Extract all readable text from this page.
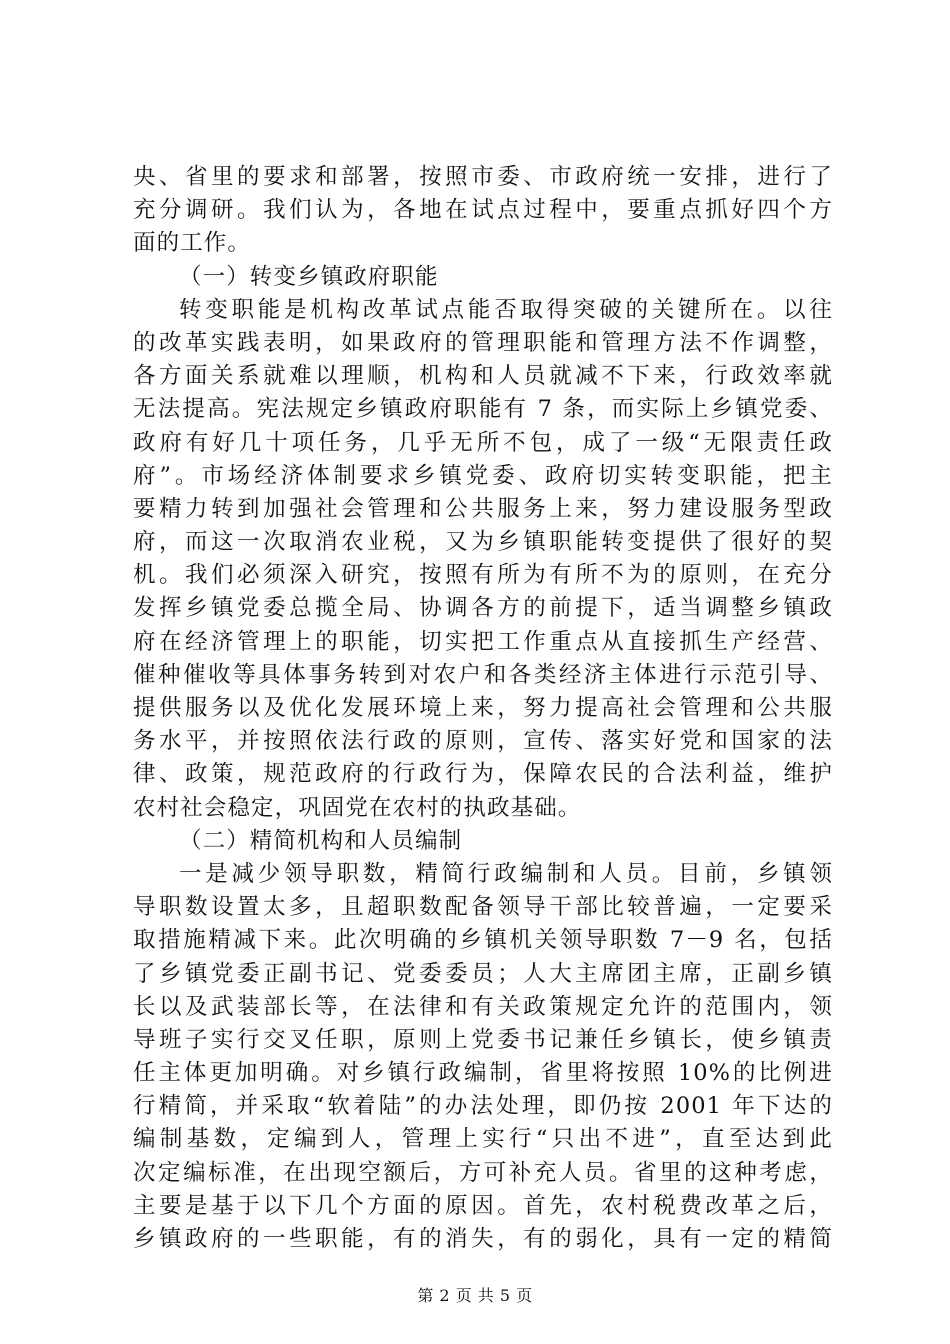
央、省里的要求和部署，按照市委、市政府统一安排，进行了
充分调研。我们认为，各地在试点过程中，要重点抓好四个方
面的工作。
（一）转变乡镇政府职能
转变职能是机构改革试点能否取得突破的关键所在。以往
的改革实践表明，如果政府的管理职能和管理方法不作调整，
各方面关系就难以理顺，机构和人员就减不下来，行政效率就
无法提高。宪法规定乡镇政府职能有 7 条，而实际上乡镇党委、
政府有好几十项任务，几乎无所不包，成了一级“无限责任政
府”。市场经济体制要求乡镇党委、政府切实转变职能，把主
要精力转到加强社会管理和公共服务上来，努力建设服务型政
府，而这一次取消农业税，又为乡镇职能转变提供了很好的契
机。我们必须深入研究，按照有所为有所不为的原则，在充分
发挥乡镇党委总揽全局、协调各方的前提下，适当调整乡镇政
府在经济管理上的职能，切实把工作重点从直接抓生产经营、
催种催收等具体事务转到对农户和各类经济主体进行示范引导、
提供服务以及优化发展环境上来，努力提高社会管理和公共服
务水平，并按照依法行政的原则，宣传、落实好党和国家的法
律、政策，规范政府的行政行为，保障农民的合法利益，维护
农村社会稳定，巩固党在农村的执政基础。
（二）精简机构和人员编制
一是减少领导职数，精简行政编制和人员。目前，乡镇领
导职数设置太多，且超职数配备领导干部比较普遍，一定要采
取措施精减下来。此次明确的乡镇机关领导职数 7－9 名，包括
了乡镇党委正副书记、党委委员；人大主席团主席，正副乡镇
长以及武装部长等，在法律和有关政策规定允许的范围内，领
导班子实行交叉任职，原则上党委书记兼任乡镇长，使乡镇责
任主体更加明确。对乡镇行政编制，省里将按照 10%的比例进
行精简，并采取“软着陆”的办法处理，即仍按 2001 年下达的
编制基数，定编到人，管理上实行“只出不进”，直至达到此
次定编标准，在出现空额后，方可补充人员。省里的这种考虑，
主要是基于以下几个方面的原因。首先，农村税费改革之后，
乡镇政府的一些职能，有的消失，有的弱化，具有一定的精简
第 2 页 共 5 页
